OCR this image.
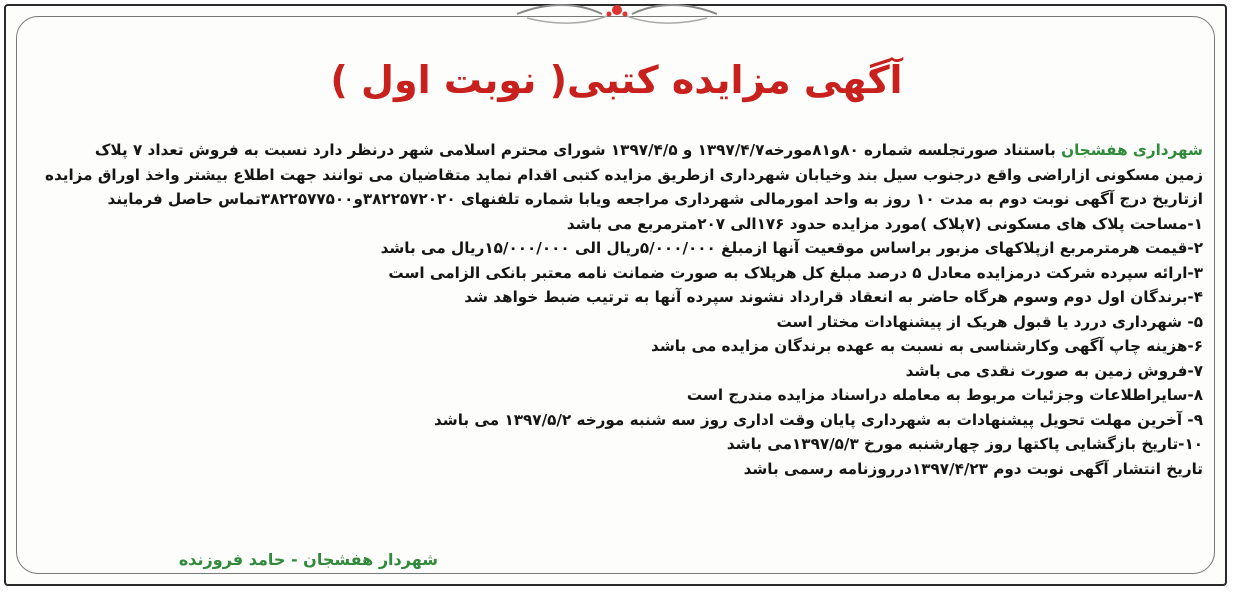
آگهی مزایده کتبی( نوبت اول )

شهرداری هفشجان باستناد صورتجلسه شماره ۸۰و۸۱مورخه۱۳۹۷/۴/۷ و ۱۳۹۷/۴/۵ شورای محترم اسلامی شهر درنظر دارد نسبت به فروش تعداد ۷ پلاک

زمین مسکونی ازاراضی واقع درجنوب سیل بند وخیابان شهرداری ازطریق مزایده کتبی اقدام نماید متقاضیان می توانند جهت اطلاع بیشتر واخذ اوراق مزایده

ازتاریخ درج آگهی نوبت دوم به مدت ۱۰ روز به واحد امورمالی شهرداری مراجعه ویابا شماره تلفنهای ۳۸۲۲۵۷۲۰۲۰و۳۸۲۲۵۷۷۵۰۰تماس حاصل فرمایند

۱-مساحت پلاک های مسکونی (۷پلاک )مورد مزایده حدود ۱۷۶الی ۲۰۷مترمربع می باشد

۲-قیمت هرمترمربع ازپلاکهای مزبور براساس موقعیت آنها ازمبلغ ۵/۰۰۰/۰۰۰ریال الی ۱۵/۰۰۰/۰۰۰ریال می باشد

۳-ارائه سپرده شرکت درمزایده معادل ۵ درصد مبلغ کل هرپلاک به صورت ضمانت نامه معتبر بانکی الزامی است

۴-برندگان اول دوم وسوم هرگاه حاضر به انعقاد قرارداد نشوند سپرده آنها به ترتیب ضبط خواهد شد

۵- شهرداری دررد یا قبول هریک از پیشنهادات مختار است

۶-هزینه چاپ آگهی وکارشناسی به نسبت به عهده برندگان مزایده می باشد

۷-فروش زمین به صورت نقدی می باشد

۸-سایراطلاعات وجزئیات مربوط به معامله دراسناد مزایده مندرج است

۹- آخرین مهلت تحویل پیشنهادات به شهرداری پایان وقت اداری روز سه شنبه مورخه ۱۳۹۷/۵/۲ می باشد

۱۰-تاریخ بازگشایی پاکتها روز چهارشنبه مورخ ۱۳۹۷/۵/۳می باشد

تاریخ انتشار آگهی نوبت دوم ۱۳۹۷/۴/۲۳درروزنامه رسمی باشد

شهردار هفشجان - حامد فروزنده
